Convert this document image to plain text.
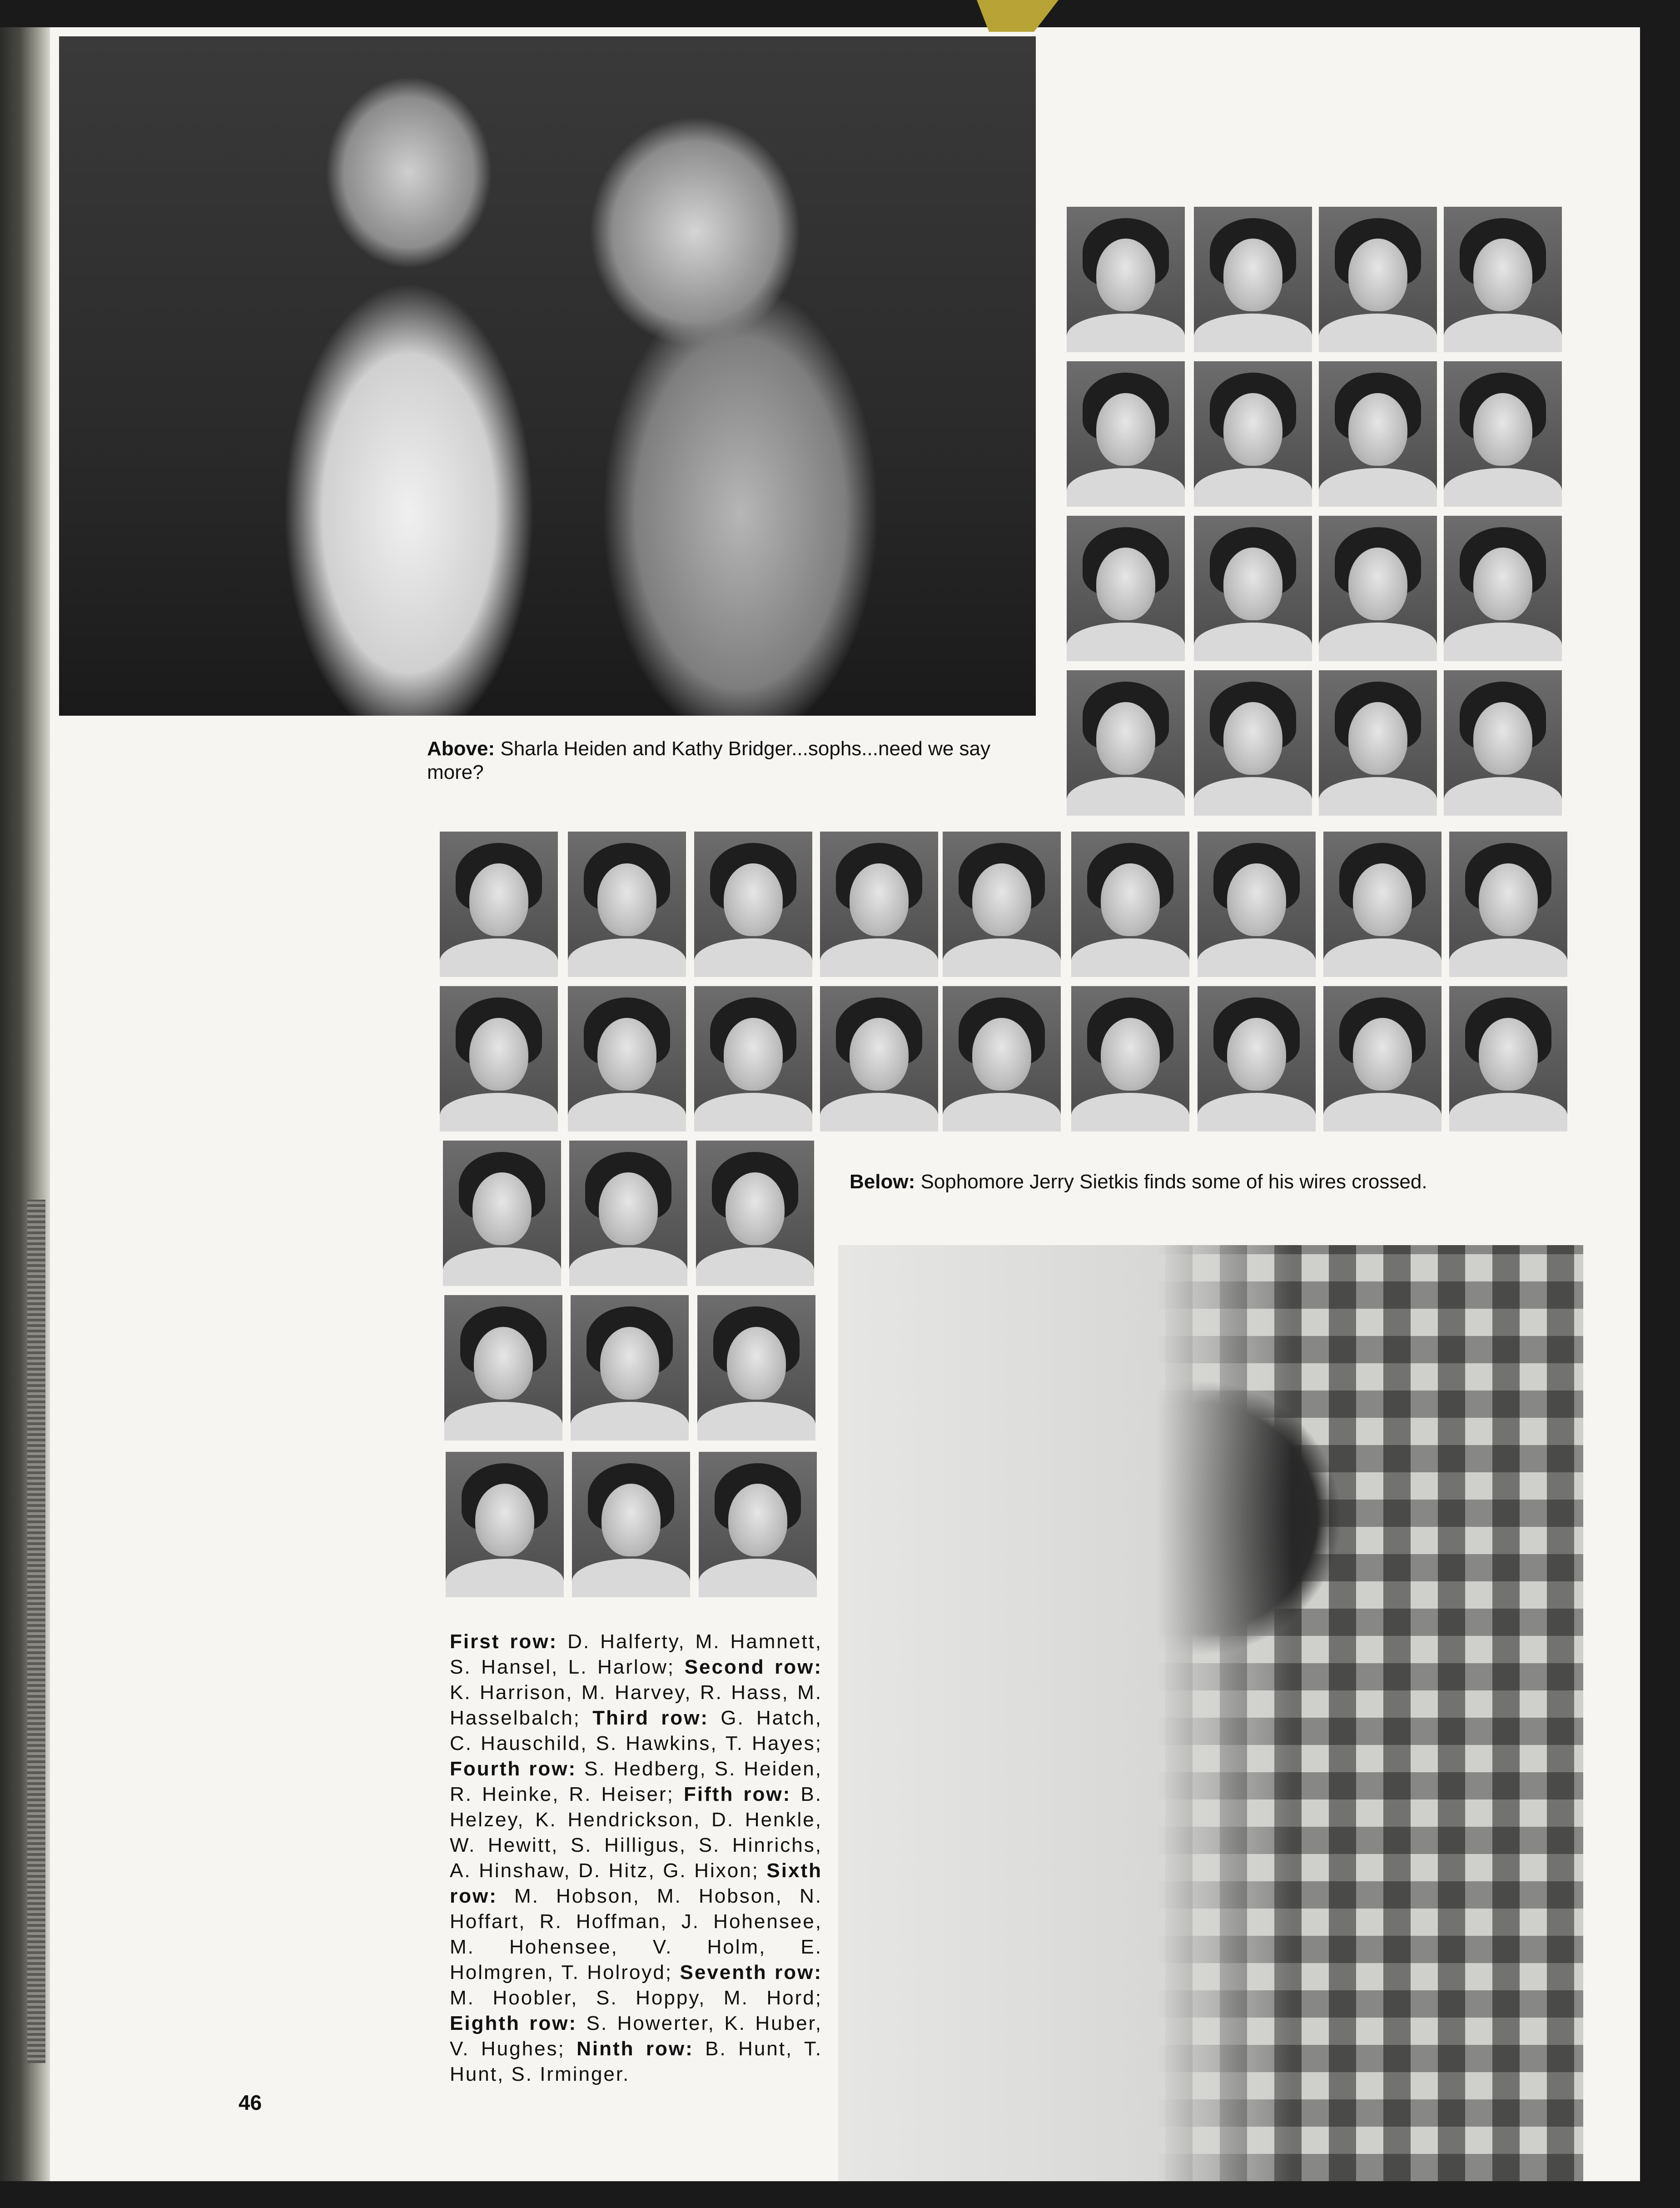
Above: Sharla Heiden and Kathy Bridger...sophs...need we say more?
Below: Sophomore Jerry Sietkis finds some of his wires crossed.
First row: D. Halferty, M. Hamnett, S. Hansel, L. Harlow; Second row: K. Harrison, M. Harvey, R. Hass, M. Hasselbalch; Third row: G. Hatch, C. Hauschild, S. Hawkins, T. Hayes; Fourth row: S. Hedberg, S. Heiden, R. Heinke, R. Heiser; Fifth row: B. Helzey, K. Hendrickson, D. Henkle, W. Hewitt, S. Hilligus, S. Hinrichs, A. Hinshaw, D. Hitz, G. Hixon; Sixth row: M. Hobson, M. Hobson, N. Hoffart, R. Hoffman, J. Hohensee, M. Hohensee, V. Holm, E. Holmgren, T. Holroyd; Seventh row: M. Hoobler, S. Hoppy, M. Hord; Eighth row: S. Howerter, K. Huber, V. Hughes; Ninth row: B. Hunt, T. Hunt, S. Irminger.
46
